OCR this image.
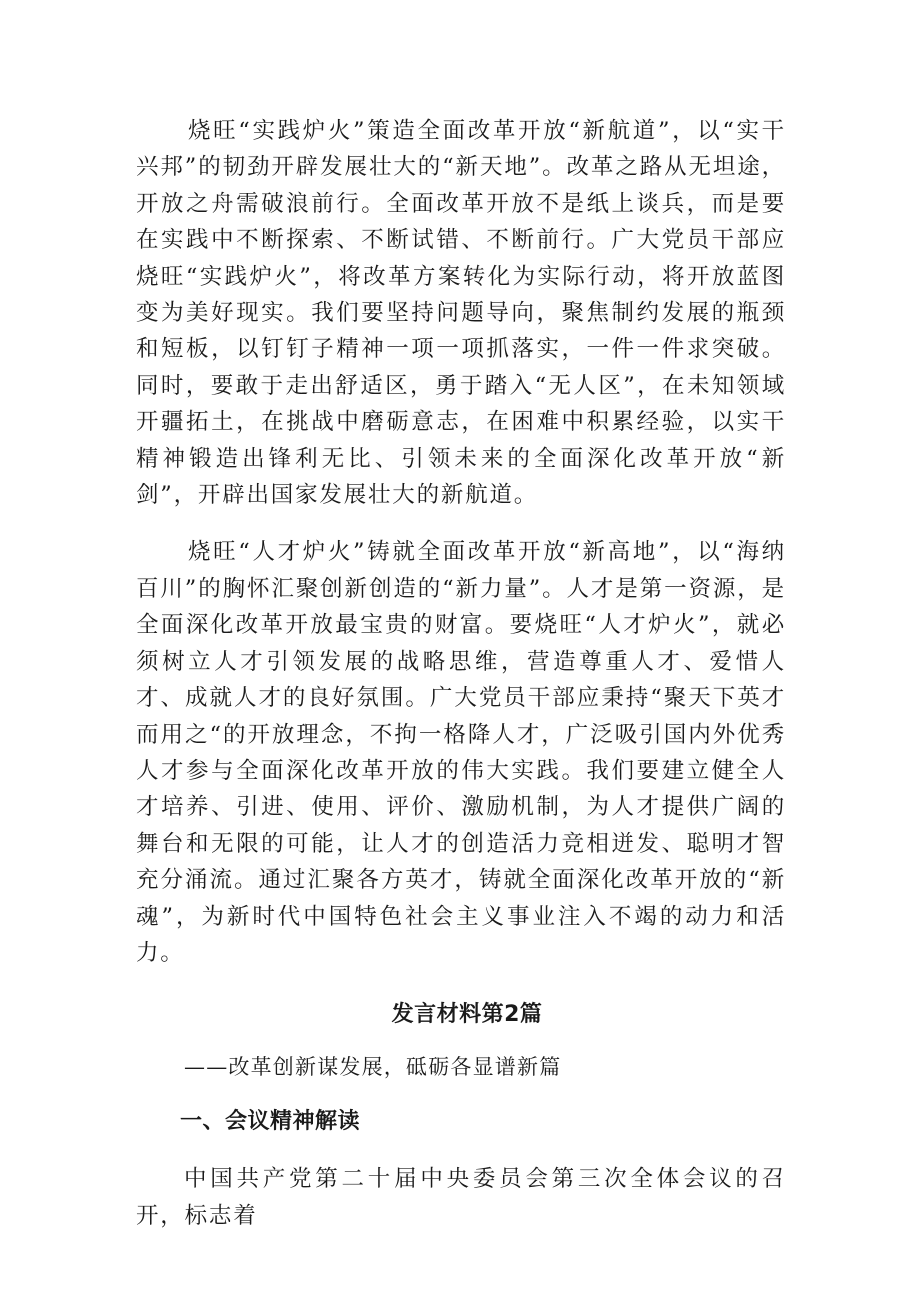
烧旺“实践炉火”策造全面改革开放“新航道”，以“实干兴邦”的韧劲开辟发展壮大的“新天地”。改革之路从无坦途，开放之舟需破浪前行。全面改革开放不是纸上谈兵，而是要在实践中不断探索、不断试错、不断前行。广大党员干部应烧旺“实践炉火”，将改革方案转化为实际行动，将开放蓝图变为美好现实。我们要坚持问题导向，聚焦制约发展的瓶颈和短板，以钉钉子精神一项一项抓落实，一件一件求突破。同时，要敢于走出舒适区，勇于踏入“无人区”，在未知领域开疆拓土，在挑战中磨砺意志，在困难中积累经验，以实干精神锻造出锋利无比、引领未来的全面深化改革开放“新剑”，开辟出国家发展壮大的新航道。

烧旺“人才炉火”铸就全面改革开放“新高地”，以“海纳百川”的胸怀汇聚创新创造的“新力量”。人才是第一资源，是全面深化改革开放最宝贵的财富。要烧旺“人才炉火”，就必须树立人才引领发展的战略思维，营造尊重人才、爱惜人才、成就人才的良好氛围。广大党员干部应秉持“聚天下英才而用之“的开放理念，不拘一格降人才，广泛吸引国内外优秀人才参与全面深化改革开放的伟大实践。我们要建立健全人才培养、引进、使用、评价、激励机制，为人才提供广阔的舞台和无限的可能，让人才的创造活力竞相迸发、聪明才智充分涌流。通过汇聚各方英才，铸就全面深化改革开放的“新魂”，为新时代中国特色社会主义事业注入不竭的动力和活力。

发言材料第2篇

——改革创新谋发展，砥砺各显谱新篇

一、会议精神解读

中国共产党第二十届中央委员会第三次全体会议的召开，标志着
